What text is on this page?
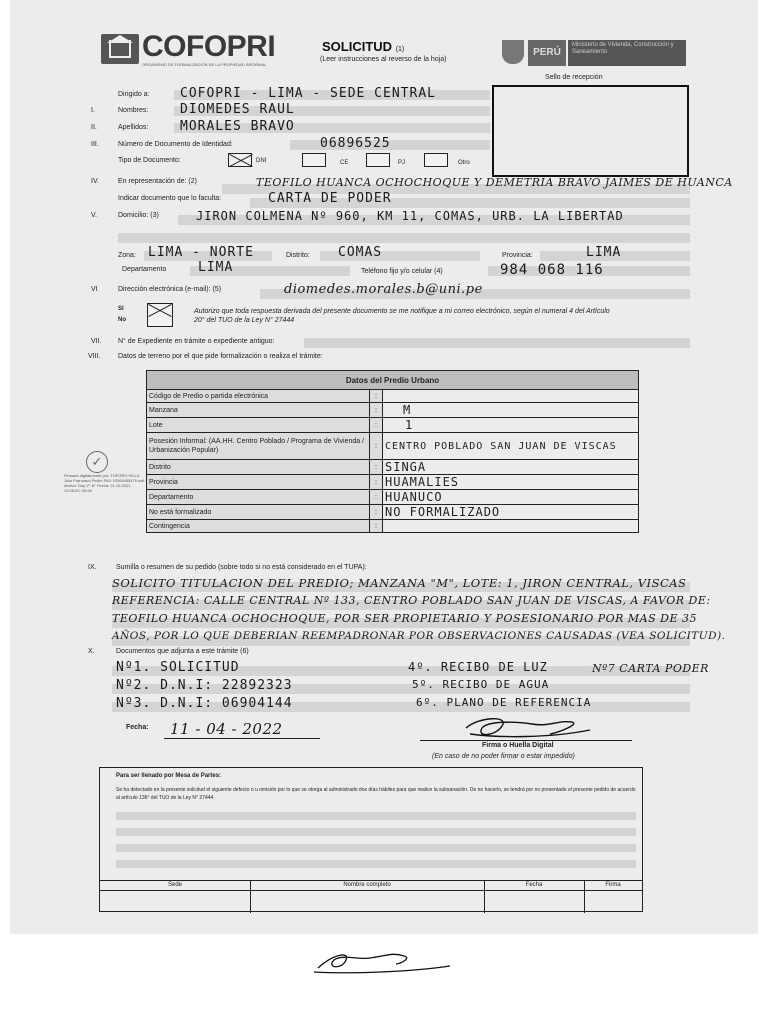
COFOPRI
ORGANISMO DE FORMALIZACIÓN DE LA PROPIEDAD INFORMAL
SOLICITUD (1)
(Leer instrucciones al reverso de la hoja)
PERÚ
Ministerio de Vivienda, Construcción y Saneamiento
Sello de recepción
Dirigido a: COFOPRI - LIMA - SEDE CENTRAL
I.	Nombres: DIOMEDES RAUL
II.	Apellidos: MORALES BRAVO
III.	Número de Documento de Identidad:	06896525
Tipo de Documento:	DNI	CE	PJ	Otro
IV.	En representación de: (2)	TEOFILO HUANCA OCHOCHOQUE Y DEMETRIA BRAVO JAIMES DE HUANCA
Indicar documento que lo faculta:	CARTA DE PODER
V.	Domicilio: (3)	JIRON COLMENA Nº 960, KM 11, COMAS, URB. LA LIBERTAD
Zona: LIMA - NORTE	Distrito: COMAS	Provincia:	LIMA
Departamento LIMA	Teléfono fijo y/o celular (4)	984 068 116
VI	Dirección electrónica (e-mail): (5)	diomedes.morales.b@uni.pe
SI
No
Autorizo que toda respuesta derivada del presente documento se me notifique a mi correo electrónico, según el numeral 4 del Artículo 20° del TUO de la Ley N° 27444
VII. N° de Expediente en trámite o expediente antiguo:
VIII.	Datos de terreno por el que pide formalización o realiza el trámite:
Datos del Predio Urbano		
Código de Predio o partida electrónica	:	
Manzana	:	M
Lote	:	1
Posesión Informal: (AA.HH. Centro Poblado / Programa de Vivienda / Urbanización Popular)	:	CENTRO POBLADO SAN JUAN DE VISCAS
Distrito	:	SINGA
Provincia	:	HUAMALIES
Departamento	:	HUANUCO
No está formalizado	:	NO FORMALIZADO
Contingencia	:	
✓
Firmado digitalmente por: TOFORO VILLA Julio Francisco Pedro FAU 20306450479 soft Motivo: Doy V° B° Fecha: 21.10.2021 12:05:20 -05:00
IX.	Sumilla o resumen de su pedido (sobre todo si no está considerado en el TUPA):
SOLICITO TITULACION DEL PREDIO; MANZANA "M", LOTE: 1, JIRON CENTRAL, VISCAS
REFERENCIA: CALLE CENTRAL Nº 133, CENTRO POBLADO SAN JUAN DE VISCAS, A FAVOR DE:
TEOFILO HUANCA OCHOCHOQUE, POR SER PROPIETARIO Y POSESIONARIO POR MAS DE 35
AÑOS, POR LO QUE DEBERIAN REEMPADRONAR POR OBSERVACIONES CAUSADAS (VEA SOLICITUD).
X.	Documentos que adjunta a este trámite (6)
Nº1. SOLICITUD
Nº2. D.N.I: 22892323
Nº3. D.N.I: 06904144
4º. RECIBO DE LUZ
5º. RECIBO DE AGUA
6º. PLANO DE REFERENCIA
Nº7 CARTA PODER
Fecha: 11 - 04 - 2022
Firma o Huella Digital
(En caso de no poder firmar o estar impedido)
Para ser llenado por Mesa de Partes:
Se ha detectado en la presente solicitud el siguiente defecto o u omisión por lo que se otorga al administrado dos días hábiles para que realice la subsanación. De no hacerlo, se tendrá por no presentado el presente pedido de acuerdo al artículo 136° del TUO de la Ley N° 27444
Sede	Nombre completo	Fecha	Firma
